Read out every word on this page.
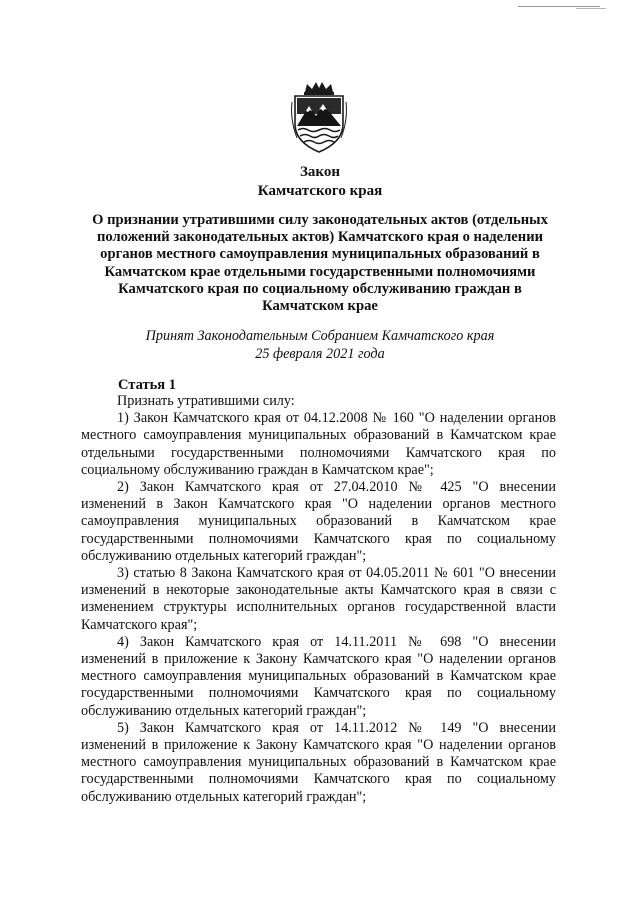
Закон
Камчатского края
О признании утратившими силу законодательных актов (отдельных
положений законодательных актов) Камчатского края о наделении
органов местного самоуправления муниципальных образований в
Камчатском крае отдельными государственными полномочиями
Камчатского края по социальному обслуживанию граждан в
Камчатском крае
Принят Законодательным Собранием Камчатского края
25 февраля 2021 года
Статья 1
Признать утратившими силу:
1) Закон Камчатского края от 04.12.2008 № 160 "О наделении органов
местного самоуправления муниципальных образований в Камчатском крае
отдельными государственными полномочиями Камчатского края по
социальному обслуживанию граждан в Камчатском крае";
2) Закон Камчатского края от 27.04.2010 № 425 "О внесении
изменений в Закон Камчатского края "О наделении органов местного
самоуправления муниципальных образований в Камчатском крае
государственными полномочиями Камчатского края по социальному
обслуживанию отдельных категорий граждан";
3) статью 8 Закона Камчатского края от 04.05.2011 № 601 "О внесении
изменений в некоторые законодательные акты Камчатского края в связи с
изменением структуры исполнительных органов государственной власти
Камчатского края";
4) Закон Камчатского края от 14.11.2011 № 698 "О внесении
изменений в приложение к Закону Камчатского края "О наделении органов
местного самоуправления муниципальных образований в Камчатском крае
государственными полномочиями Камчатского края по социальному
обслуживанию отдельных категорий граждан";
5) Закон Камчатского края от 14.11.2012 № 149 "О внесении
изменений в приложение к Закону Камчатского края "О наделении органов
местного самоуправления муниципальных образований в Камчатском крае
государственными полномочиями Камчатского края по социальному
обслуживанию отдельных категорий граждан";
